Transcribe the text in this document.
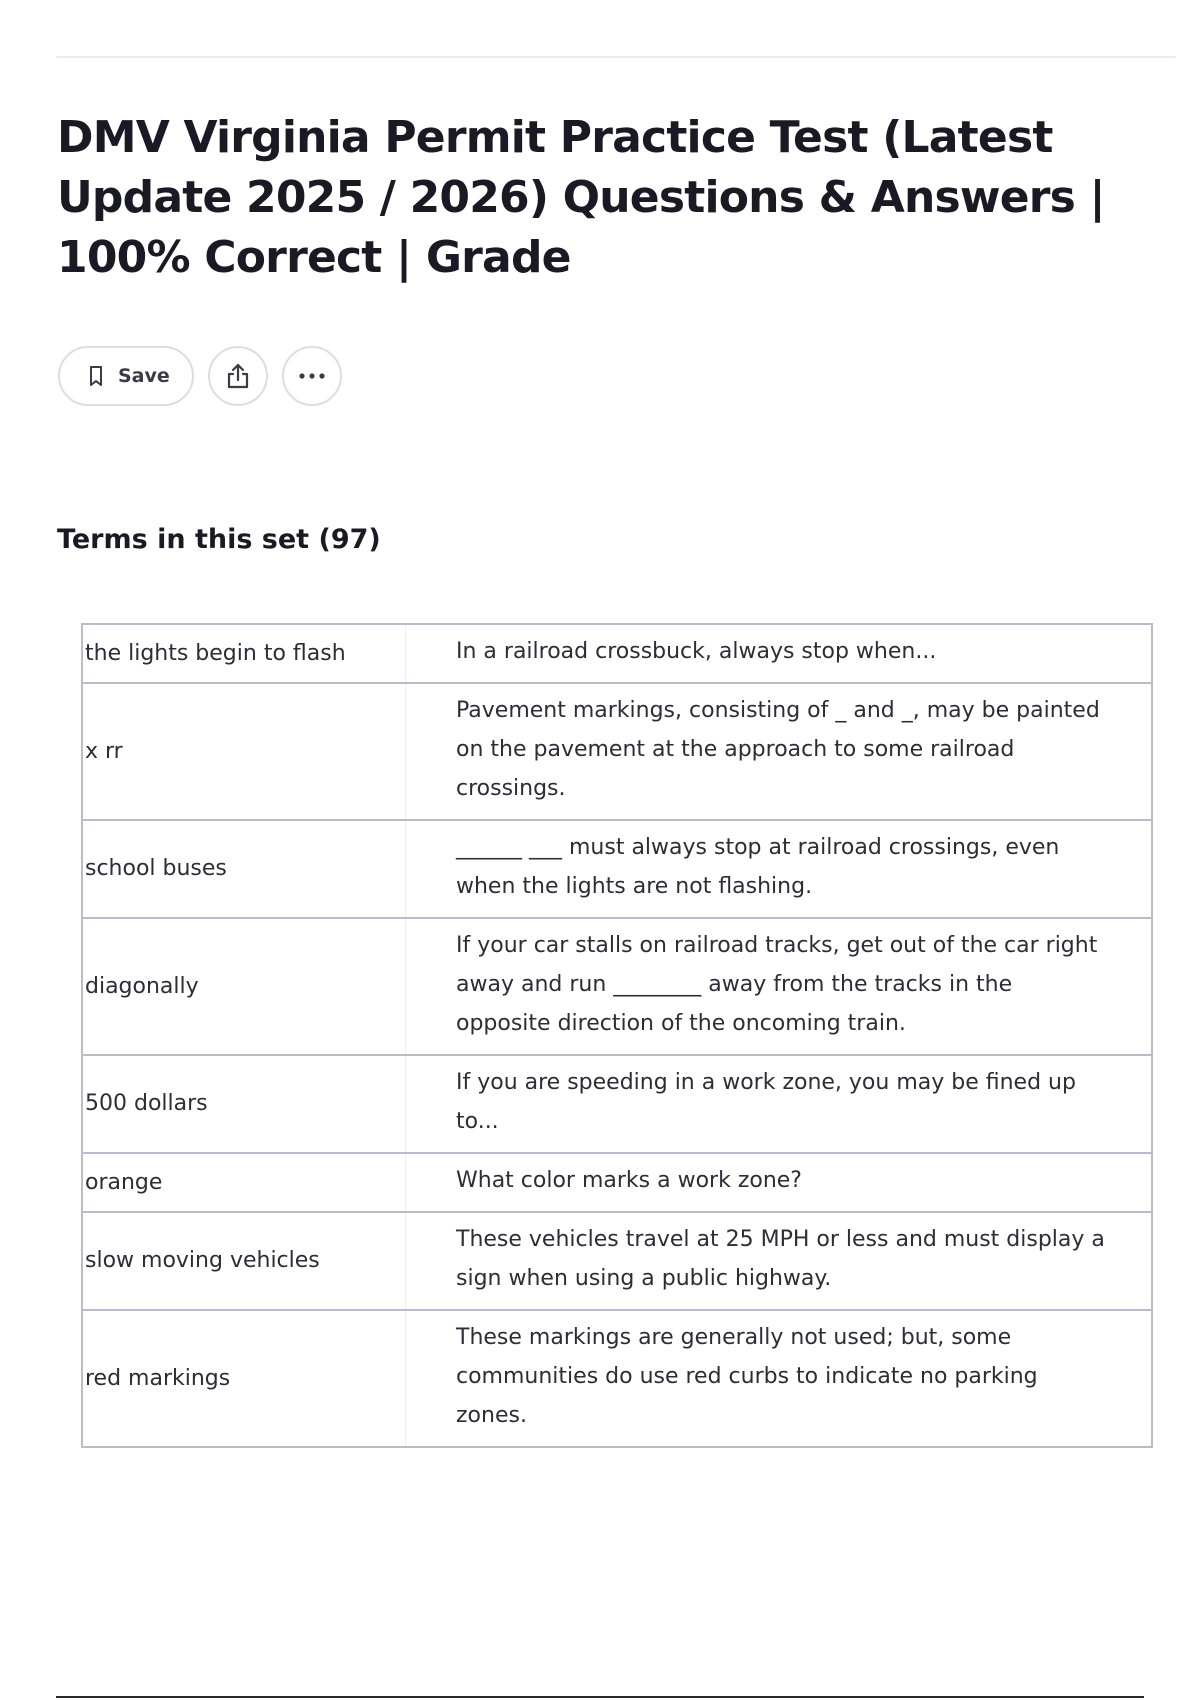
DMV Virginia Permit Practice Test (Latest Update 2025 / 2026) Questions & Answers | 100% Correct | Grade
Save
Terms in this set (97)
the lights begin to flash	In a railroad crossbuck, always stop when...
x rr	Pavement markings, consisting of _ and _, may be painted on the pavement at the approach to some railroad crossings.
school buses	______ ___ must always stop at railroad crossings, even when the lights are not flashing.
diagonally	If your car stalls on railroad tracks, get out of the car right away and run ________ away from the tracks in the opposite direction of the oncoming train.
500 dollars	If you are speeding in a work zone, you may be fined up to...
orange	What color marks a work zone?
slow moving vehicles	These vehicles travel at 25 MPH or less and must display a sign when using a public highway.
red markings	These markings are generally not used; but, some communities do use red curbs to indicate no parking zones.
